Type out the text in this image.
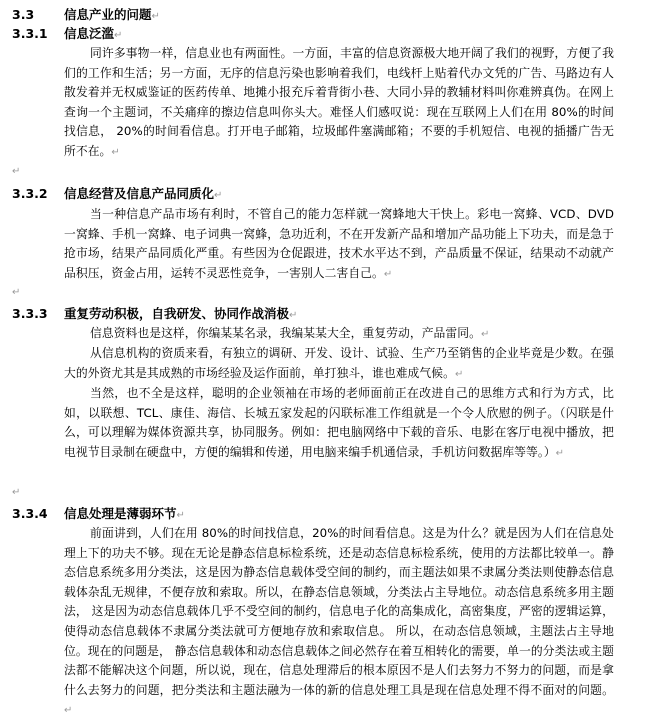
3.3 信息产业的问题↵
3.3.1 信息泛滥↵
同许多事物一样，信息业也有两面性。一方面，丰富的信息资源极大地开阔了我们的视野，方便了我们的工作和生活；另一方面，无序的信息污染也影响着我们，电线杆上贴着代办文凭的广告、马路边有人散发着并无权威鉴证的医药传单、地摊小报充斥着背街小巷、大同小异的教辅材料叫你难辨真伪。在网上查询一个主题词，不关痛痒的擦边信息叫你头大。难怪人们感叹说：现在互联网上人们在用 80%的时间找信息， 20%的时间看信息。打开电子邮箱，垃圾邮件塞满邮箱；不要的手机短信、电视的插播广告无所不在。↵
↵
3.3.2 信息经营及信息产品同质化↵
当一种信息产品市场有利时，不管自己的能力怎样就一窝蜂地大干快上。彩电一窝蜂、VCD、DVD一窝蜂、手机一窝蜂、电子词典一窝蜂，急功近利，不在开发新产品和增加产品功能上下功夫，而是急于抢市场，结果产品同质化严重。有些因为仓促跟进，技术水平达不到，产品质量不保证，结果动不动就产品积压，资金占用，运转不灵恶性竞争，一害别人二害自己。↵
↵
3.3.3 重复劳动积极，自我研发、协同作战消极↵
信息资料也是这样，你编某某名录，我编某某大全，重复劳动，产品雷同。↵
从信息机构的资质来看，有独立的调研、开发、设计、试验、生产乃至销售的企业毕竟是少数。在强大的外资尤其是其成熟的市场经验及运作面前，单打独斗，谁也难成气候。↵
当然，也不全是这样，聪明的企业领袖在市场的老师面前正在改进自己的思维方式和行为方式，比如，以联想、TCL、康佳、海信、长城五家发起的闪联标准工作组就是一个令人欣慰的例子。（闪联是什么，可以理解为媒体资源共享，协同服务。例如：把电脑网络中下载的音乐、电影在客厅电视中播放，把电视节目录制在硬盘中，方便的编辑和传递，用电脑来编手机通信录，手机访问数据库等等。）↵
↵
3.3.4 信息处理是薄弱环节↵
前面讲到，人们在用 80%的时间找信息，20%的时间看信息。这是为什么？就是因为人们在信息处理上下的功夫不够。现在无论是静态信息标检系统，还是动态信息标检系统，使用的方法都比较单一。静态信息系统多用分类法，这是因为静态信息载体受空间的制约，而主题法如果不隶属分类法则使静态信息载体杂乱无规律，不便存放和索取。所以，在静态信息领域，分类法占主导地位。动态信息系统多用主题法， 这是因为动态信息载体几乎不受空间的制约，信息电子化的高集成化，高密集度，严密的逻辑运算，使得动态信息载体不隶属分类法就可方便地存放和索取信息。 所以，在动态信息领域，主题法占主导地位。现在的问题是， 静态信息载体和动态信息载体之间必然存在着互相转化的需要，单一的分类法或主题法都不能解决这个问题，所以说，现在，信息处理滞后的根本原因不是人们去努力不努力的问题，而是拿什么去努力的问题，把分类法和主题法融为一体的新的信息处理工具是现在信息处理不得不面对的问题。↵
